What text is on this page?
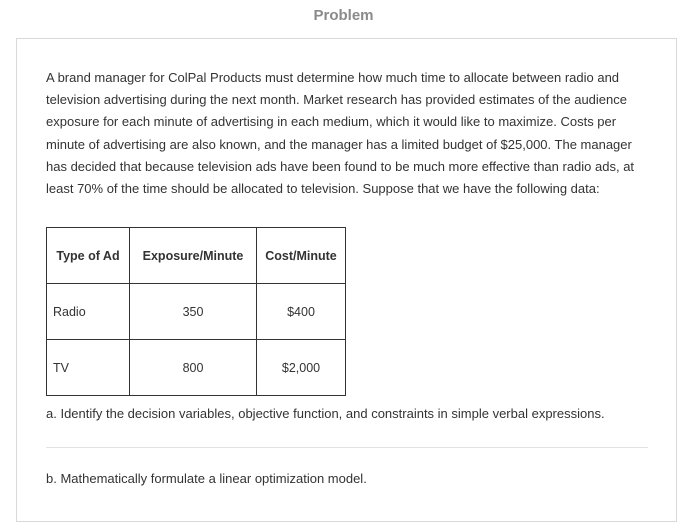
Problem

A brand manager for ColPal Products must determine how much time to allocate between radio and television advertising during the next month. Market research has provided estimates of the audience exposure for each minute of advertising in each medium, which it would like to maximize. Costs per minute of advertising are also known, and the manager has a limited budget of $25,000. The manager has decided that because television ads have been found to be much more effective than radio ads, at least 70% of the time should be allocated to television. Suppose that we have the following data:

Type of Ad	Exposure/Minute	Cost/Minute
Radio	350	$400
TV	800	$2,000

a. Identify the decision variables, objective function, and constraints in simple verbal expressions.

b. Mathematically formulate a linear optimization model.
